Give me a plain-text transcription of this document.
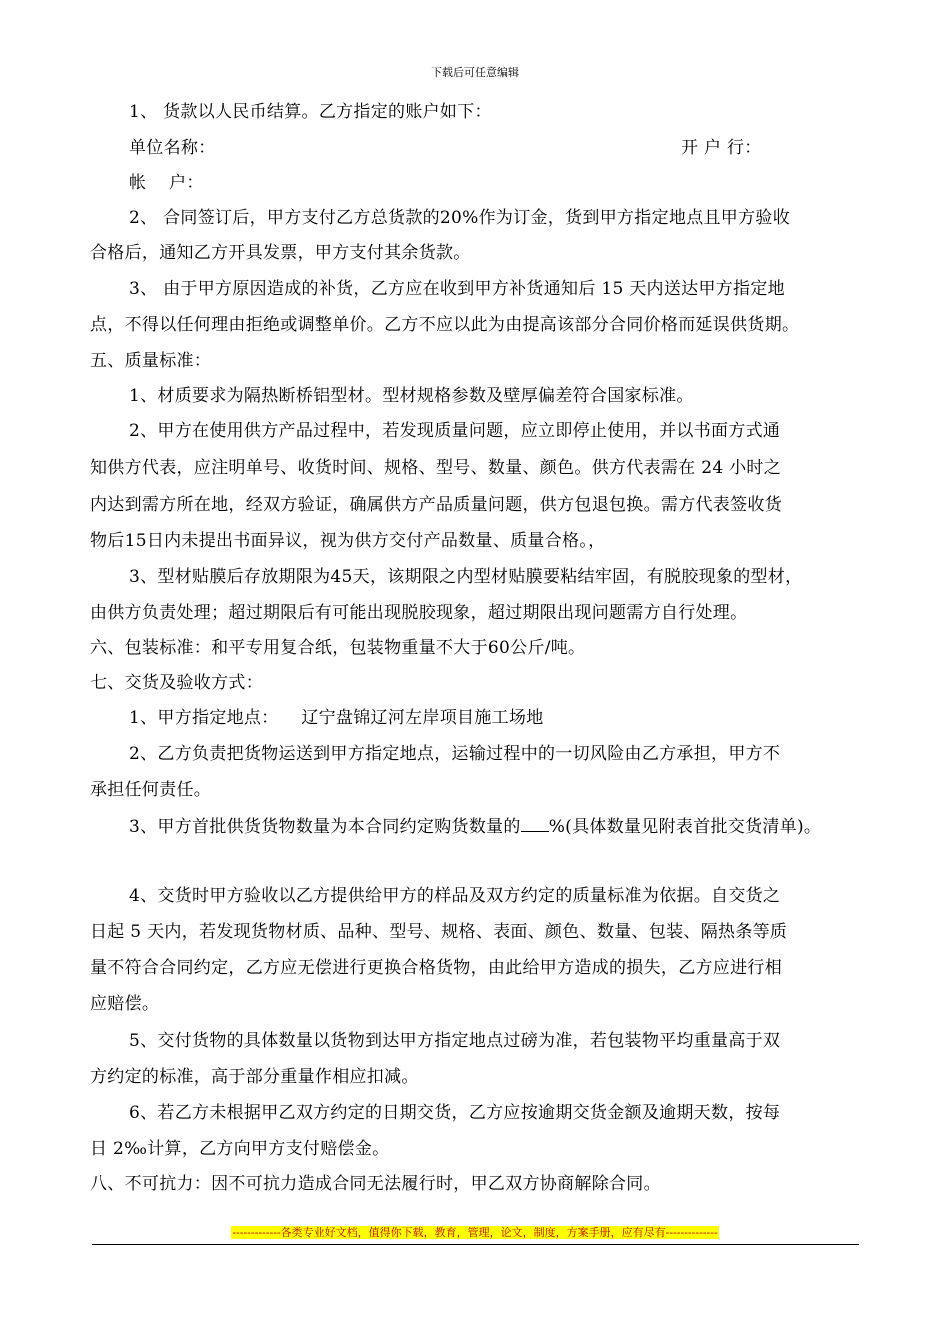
下载后可任意编辑
1、 货款以人民币结算。乙方指定的账户如下：
单位名称：	开 户 行：
帐    户：
2、 合同签订后，甲方支付乙方总货款的20%作为订金，货到甲方指定地点且甲方验收
合格后，通知乙方开具发票，甲方支付其余货款。
3、 由于甲方原因造成的补货，乙方应在收到甲方补货通知后 15 天内送达甲方指定地
点，不得以任何理由拒绝或调整单价。乙方不应以此为由提高该部分合同价格而延误供货期。
五、质量标准：
1、材质要求为隔热断桥铝型材。型材规格参数及壁厚偏差符合国家标准。
2、甲方在使用供方产品过程中，若发现质量问题，应立即停止使用，并以书面方式通
知供方代表，应注明单号、收货时间、规格、型号、数量、颜色。供方代表需在 24 小时之
内达到需方所在地，经双方验证，确属供方产品质量问题，供方包退包换。需方代表签收货
物后15日内未提出书面异议，视为供方交付产品数量、质量合格。，
3、型材贴膜后存放期限为45天，该期限之内型材贴膜要粘结牢固，有脱胶现象的型材，
由供方负责处理；超过期限后有可能出现脱胶现象，超过期限出现问题需方自行处理。
六、包装标准：和平专用复合纸，包装物重量不大于60公斤/吨。
七、交货及验收方式：
1、甲方指定地点：    辽宁盘锦辽河左岸项目施工场地
2、乙方负责把货物运送到甲方指定地点，运输过程中的一切风险由乙方承担，甲方不
承担任何责任。
3、甲方首批供货货物数量为本合同约定购货数量的 %(具体数量见附表首批交货清单)。
4、交货时甲方验收以乙方提供给甲方的样品及双方约定的质量标准为依据。自交货之
日起 5 天内，若发现货物材质、品种、型号、规格、表面、颜色、数量、包装、隔热条等质
量不符合合同约定，乙方应无偿进行更换合格货物，由此给甲方造成的损失，乙方应进行相
应赔偿。
5、交付货物的具体数量以货物到达甲方指定地点过磅为准，若包装物平均重量高于双
方约定的标准，高于部分重量作相应扣减。
6、若乙方未根据甲乙双方约定的日期交货，乙方应按逾期交货金额及逾期天数，按每
日 2‰计算，乙方向甲方支付赔偿金。
八、不可抗力：因不可抗力造成合同无法履行时，甲乙双方协商解除合同。
-------------各类专业好文档，值得你下载，教育，管理，论文，制度，方案手册，应有尽有--------------
